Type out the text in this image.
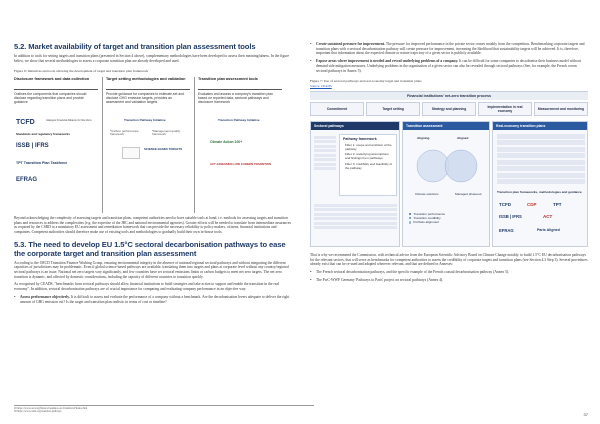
5.2. Market availability of target and transition plan assessment tools
In addition to tools for setting targets and transition plans (presented in Section 4 above), complementary methodologies have been developed to assess their meaningfulness. In the figure below, we show that several methodologies to assess a corporate transition plan are already developed and used.
Figure 6: Initiatives and tools allowing the development of target and transition plan framework
Disclosure framework and data collection	Target setting methodologies and validation	Transition plan assessment tools
Outlines the components that companies should disclose regarding transition plans and provide guidance
Provide guidance for companies to estimate,set and disclose GHG emission targets, provides an assessment and validation targets
Evaluates and assess a company's transition plan based on reported data, sectoral pathways and disclosure framework
TCFD	Glasgow Financial Alliance for Net Zero
Standards and regulatory frameworks
ISSB | IFRS
TPT Transition Plan Taskforce
EFRAG
Transition Pathway Initiative
*Carbon performance framework
*Management quality framework
SCIENCE BASED TARGETS
Transition Pathway Initiative
Climate Action 100+
ACT ASSESSING LOW CARBON TRANSITION
Beyond acknowledging the complexity of assessing targets and transition plans, competent authorities need to have suitable tools at hand, i.e. methods for assessing targets and transition plans and resources to address the complexities (e.g. the expertise of the JRC and national environmental agencies). Greater efforts will be needed to translate from intermediate assurances as required by the CSRD to a mandatory EU assessment and remediation framework that can provide the necessary reliability to policy makers, citizens, financial institutions and companies. Competent authorities should therefore make use of existing tools and methodologies to gradually build their own in-house tools.
5.3. The need to develop EU 1.5°C sectoral decarbonisation pathways to ease the corporate target and transition plan assessment
According to the OECD Transition Finance Working Group, ensuring environmental integrity in the absence of national/regional sectoral pathways and without integrating the different capacities of jurisdictions may be problematic. Even if global science-based pathways are available, translating them into targets and plans at corporate level without any country/regional sectoral pathways is an issue. National net zero targets vary significantly, and few countries have set sectoral emissions limits or carbon budgets to meet net zero targets. The net zero transition is dynamic, and affected by domestic considerations, including the capacity of different countries to transition quickly.
As recognised by CEADS, "benchmarks from sectoral pathways should allow financial institutions to build strategies and take action to support and enable the transition in the real economy". In addition, sectoral decarbonisation pathways are of crucial importance for comparing and evaluating company performance in an objective way:
• Assess performance objectively. It is difficult to assess and evaluate the performance of a company without a benchmark. Are the decarbonisation levers adequate to deliver the right amount of GHG emission cut? Is the target and transition plan realistic in terms of cost or timeline?
• Create sustained pressure for improvement. The pressure for improved performance in the private sector comes notably from the competition. Benchmarking corporate targets and transition plans with a sectoral decarbonisation pathway will create pressure for improvement, increasing the likelihood that sustainability targets will be achieved. It is, therefore, important that information about the expected climate or nature trajectory of a given sector is publicly available.
• Expose areas where improvement is needed and reveal underlying problems of a company. It can be difficult for some companies to decarbonise their business model without demand side mitigation measures. Underlying problems in the organisation of a given sector can also be revealed through sectoral pathways (See, for example, the French ocean sectoral pathways in Annex 5).
Figure 7: Use of sectoral pathways and real economy target and transition plans
Source: CEADS
Financial institutions' net-zero transition process
Commitment	Target setting	Strategy and planning	Implementation in real economy	Measurement and monitoring
Sectoral pathways
Pathway framework
Filter 1: scope and ambition of the pathway
Filter 2: underlying assumptions and findings from pathways
Filter 3: credibility and feasibility of the pathway
Transition assessment
Aligning	Aligned
Climate solutions	Managed phaseout
Transition performance
Transition credibility
Portfolio alignment
Real-economy transition plans
Transition plan frameworks, methodologies and guidance
TCFD	CDP	TPT
ISSB | IFRS	ACT
EFRAG	Paris Aligned
That is why we recommend the Commission, with technical advice from the European Scientific Advisory Board on Climate Change notably, to build 1.5°C EU decarbonisation pathways for the relevant sectors, that will serve as benchmarks for competent authorities to assess the credibility of corporate targets and transition plans (see Section 4.3 Step 3). Several procedures already exist that can be re-used and adapted wherever relevant, and that are defined in Annexes:
• The French sectoral decarbonisation pathways, and the specific example of the French coastal decarbonisation pathway (Annex 5).
• The PwC-WWF Germany 'Pathways to Paris' project on sectoral pathways (Annex 4).
29 https://www.oecd.org/finance/Guidance-on-Transition-Finance.htm
30 https://www.ceads.org/transition-pathways
37
